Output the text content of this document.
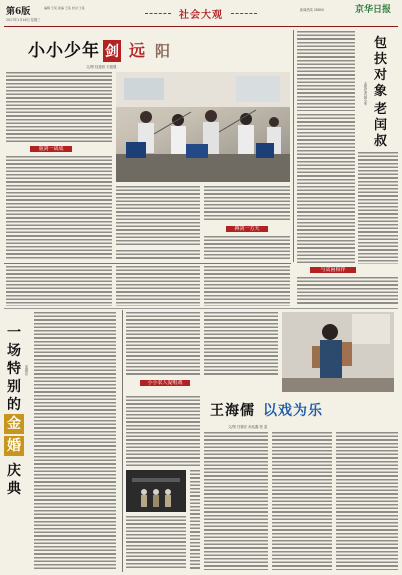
第6版	编辑 王某 美编 王某 校对 王某
2017年1月18日 星期三	社会大观	新闻热线 28800	京华日报
小小少年 剑 远 阳
文/图 桂道营 宇振强
重剑一战成
搏剑一方天
包
扶
对
象
老
闰
叔
本报记者 顾小军
与贫困相伴
一
场
特
别
的
金
婚
庆
典
宋德臣
王海儒 以戏为乐
文/图 吕锦宏 孙兆鑫 张 富
小小农人爱唱戏
